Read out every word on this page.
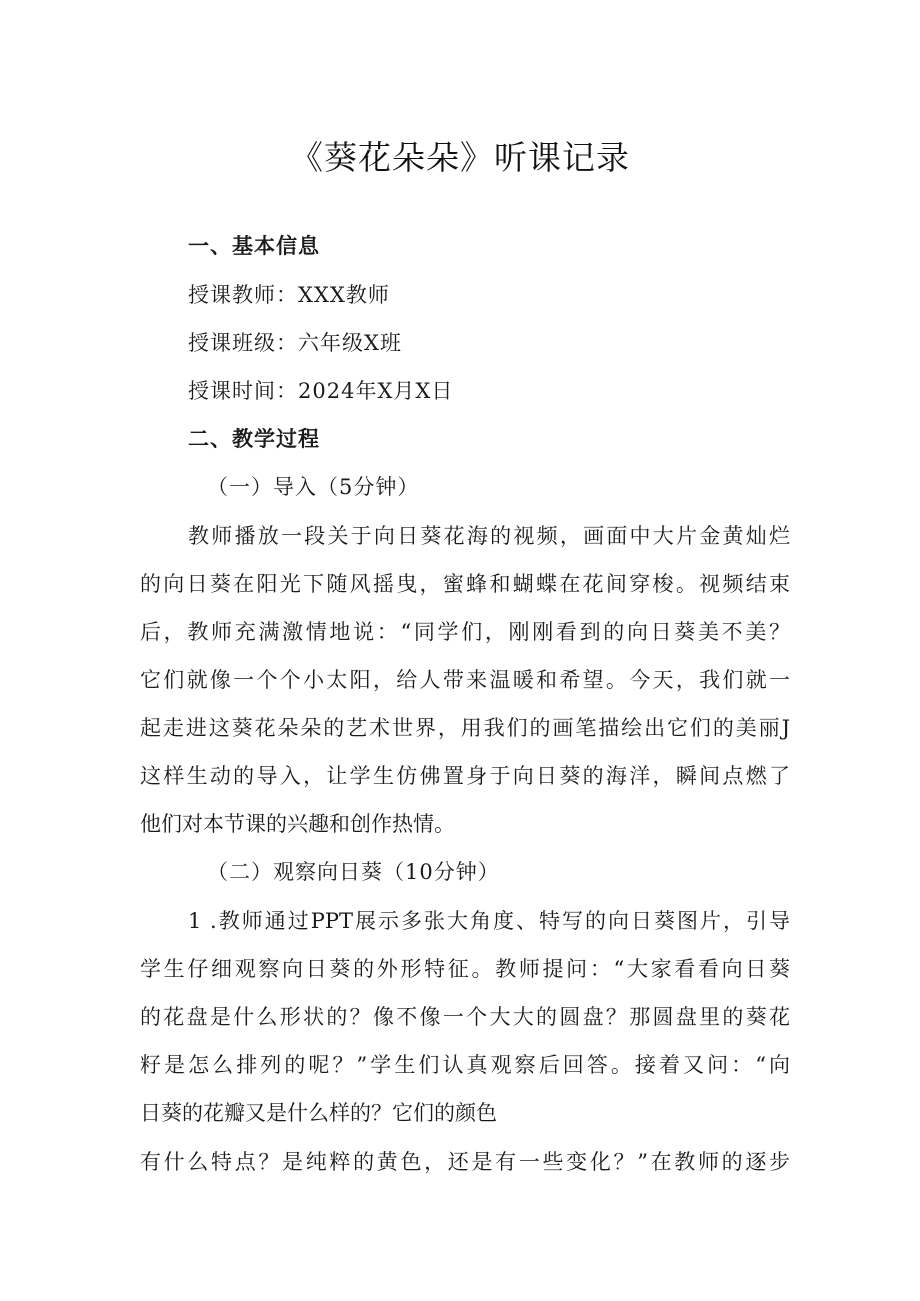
《葵花朵朵》听课记录
一、基本信息
授课教师：XXX教师
授课班级：六年级X班
授课时间：2024年X月X日
二、教学过程
（一）导入（5分钟）
教师播放一段关于向日葵花海的视频，画面中大片金黄灿烂
的向日葵在阳光下随风摇曳，蜜蜂和蝴蝶在花间穿梭。视频结束
后，教师充满激情地说：“同学们，刚刚看到的向日葵美不美？
它们就像一个个小太阳，给人带来温暖和希望。今天，我们就一
起走进这葵花朵朵的艺术世界，用我们的画笔描绘出它们的美丽J
这样生动的导入，让学生仿佛置身于向日葵的海洋，瞬间点燃了
他们对本节课的兴趣和创作热情。
（二）观察向日葵（10分钟）
1 .教师通过PPT展示多张大角度、特写的向日葵图片，引导
学生仔细观察向日葵的外形特征。教师提问：“大家看看向日葵
的花盘是什么形状的？像不像一个大大的圆盘？那圆盘里的葵花
籽是怎么排列的呢？”学生们认真观察后回答。接着又问：“向
日葵的花瓣又是什么样的？它们的颜色
有什么特点？是纯粹的黄色，还是有一些变化？”在教师的逐步
